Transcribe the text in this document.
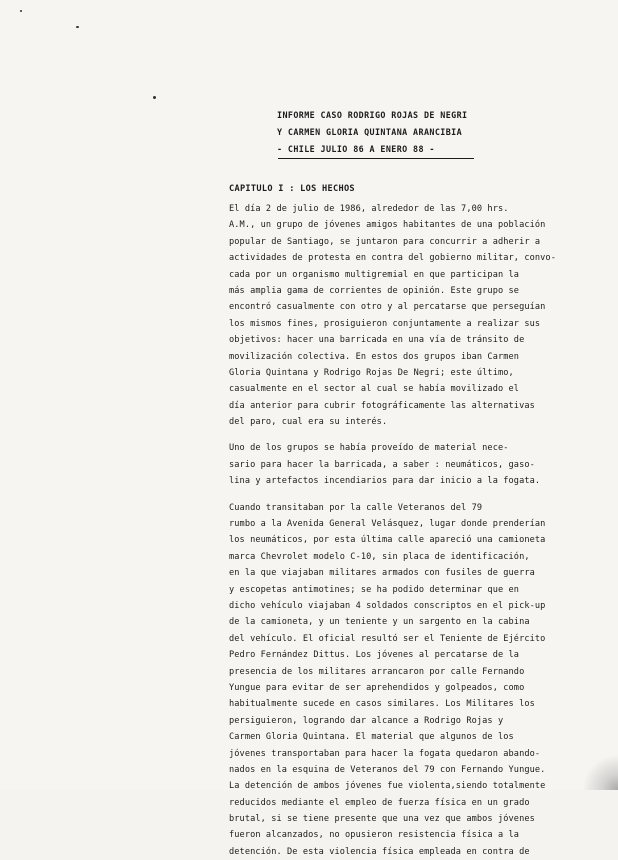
INFORME CASO RODRIGO ROJAS DE NEGRI
Y CARMEN GLORIA QUINTANA ARANCIBIA
- CHILE JULIO 86 A ENERO 88 -
CAPITULO I : LOS HECHOS
El día 2 de julio de 1986, alrededor de las 7,00 hrs.
A.M., un grupo de jóvenes amigos habitantes de una población
popular de Santiago, se juntaron para concurrir a adherir a
actividades de protesta en contra del gobierno militar, convo-
cada por un organismo multigremial en que participan la
más amplia gama de corrientes de opinión. Este grupo se
encontró casualmente con otro y al percatarse que perseguían
los mismos fines, prosiguieron conjuntamente a realizar sus
objetivos: hacer una barricada en una vía de tránsito de
movilización colectiva. En estos dos grupos iban Carmen
Gloria Quintana y Rodrigo Rojas De Negri; este último,
casualmente en el sector al cual se había movilizado el
día anterior para cubrir fotográficamente las alternativas
del paro, cual era su interés.
Uno de los grupos se había proveído de material nece-
sario para hacer la barricada, a saber : neumáticos, gaso-
lina y artefactos incendiarios para dar inicio a la fogata.
Cuando transitaban por la calle Veteranos del 79
rumbo a la Avenida General Velásquez, lugar donde prenderían
los neumáticos, por esta última calle apareció una camioneta
marca Chevrolet modelo C-10, sin placa de identificación,
en la que viajaban militares armados con fusiles de guerra
y escopetas antimotines; se ha podido determinar que en
dicho vehículo viajaban 4 soldados conscriptos en el pick-up
de la camioneta, y un teniente y un sargento en la cabina
del vehículo. El oficial resultó ser el Teniente de Ejército
Pedro Fernández Dittus. Los jóvenes al percatarse de la
presencia de los militares arrancaron por calle Fernando
Yungue para evitar de ser aprehendidos y golpeados, como
habitualmente sucede en casos similares. Los Militares los
persiguieron, logrando dar alcance a Rodrigo Rojas y
Carmen Gloria Quintana. El material que algunos de los
jóvenes transportaban para hacer la fogata quedaron abando-
nados en la esquina de Veteranos del 79 con Fernando Yungue.
La detención de ambos jóvenes fue violenta,siendo totalmente
reducidos mediante el empleo de fuerza física en un grado
brutal, si se tiene presente que una vez que ambos jóvenes
fueron alcanzados, no opusieron resistencia física a la
detención. De esta violencia física empleada en contra de
